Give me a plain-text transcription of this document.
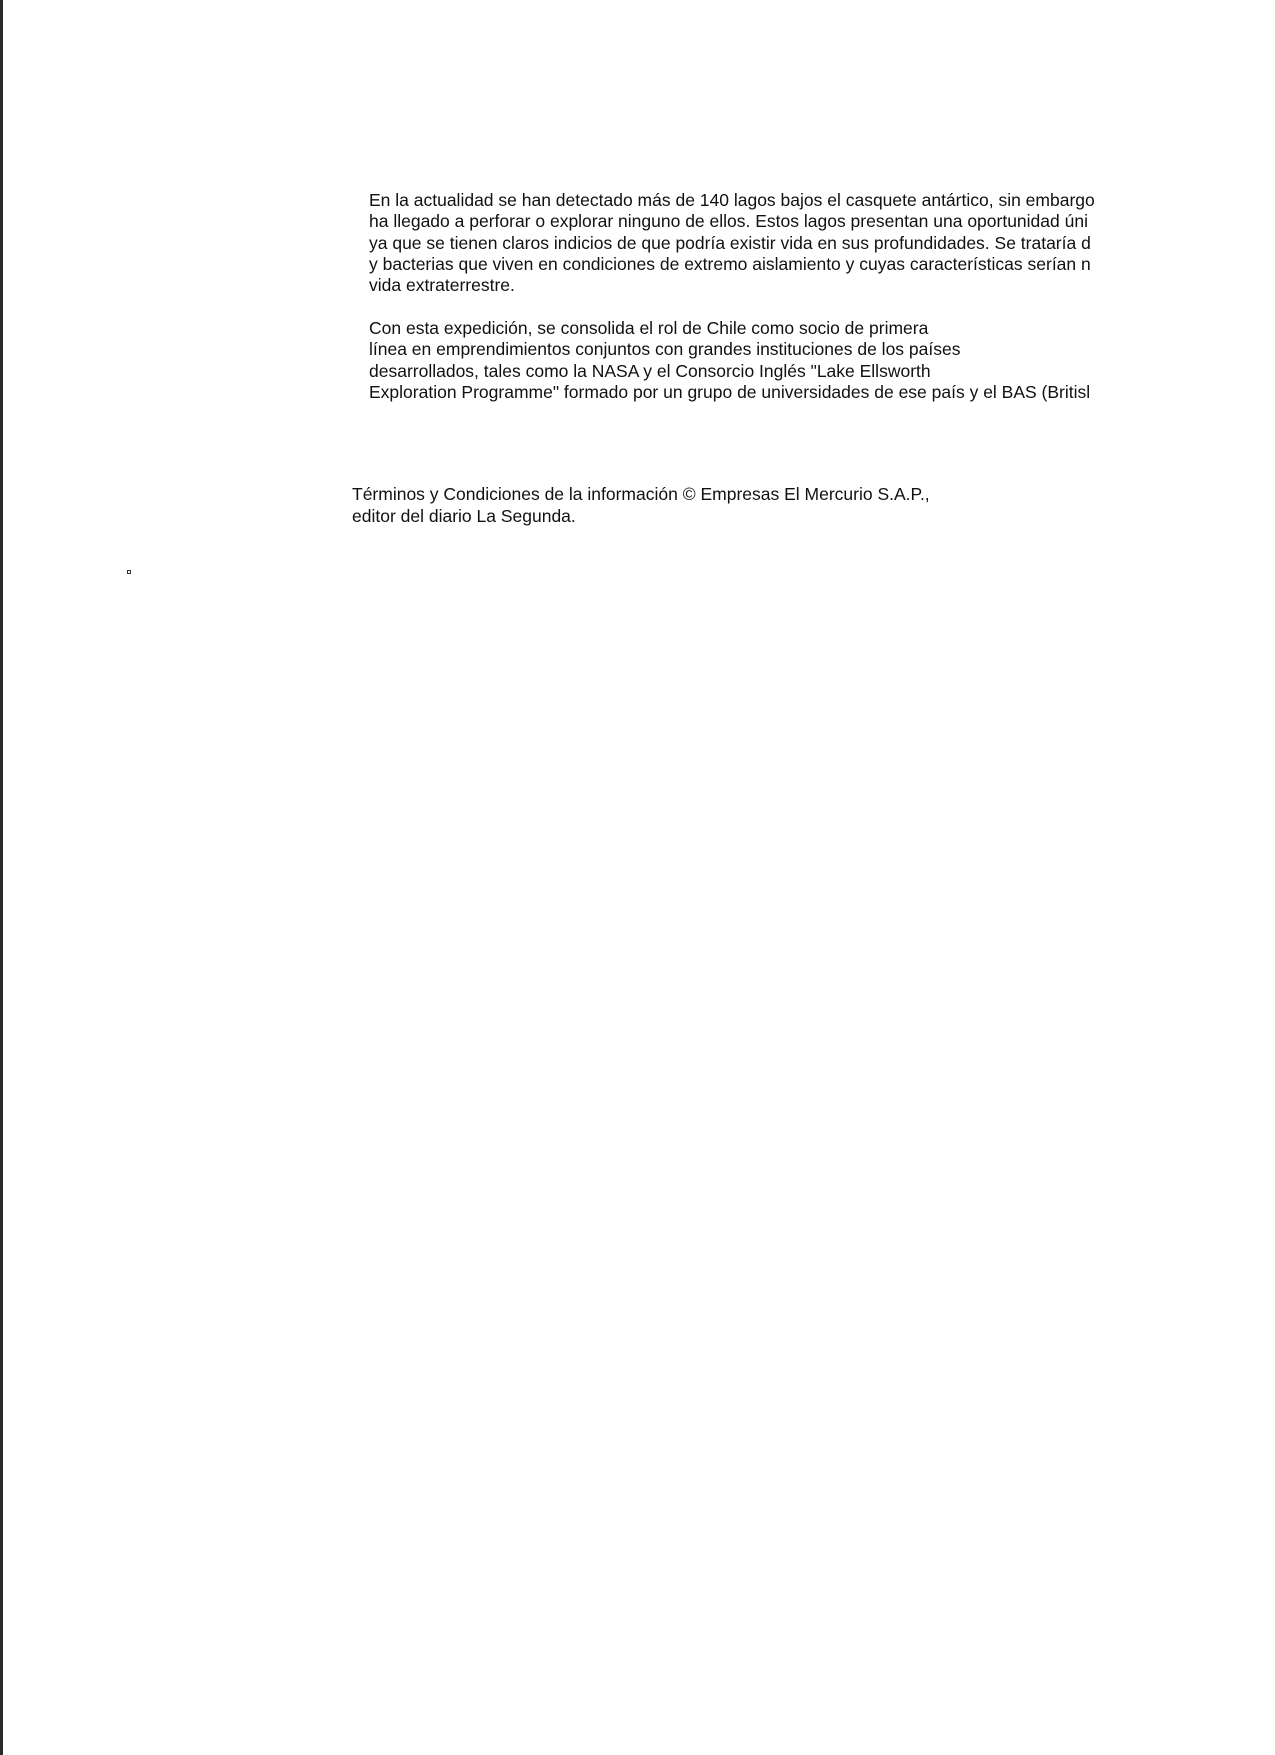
En la actualidad se han detectado más de 140 lagos bajos el casquete antártico, sin embargo
ha llegado a perforar o explorar ninguno de ellos. Estos lagos presentan una oportunidad úni
ya que se tienen claros indicios de que podría existir vida en sus profundidades. Se trataría d
y bacterias que viven en condiciones de extremo aislamiento y cuyas características serían n
vida extraterrestre.
Con esta expedición, se consolida el rol de Chile como socio de primera
línea en emprendimientos conjuntos con grandes instituciones de los países
desarrollados, tales como la NASA y el Consorcio Inglés "Lake Ellsworth
Exploration Programme" formado por un grupo de universidades de ese país y el BAS (Britisl
Términos y Condiciones de la información © Empresas El Mercurio S.A.P.,
editor del diario La Segunda.
